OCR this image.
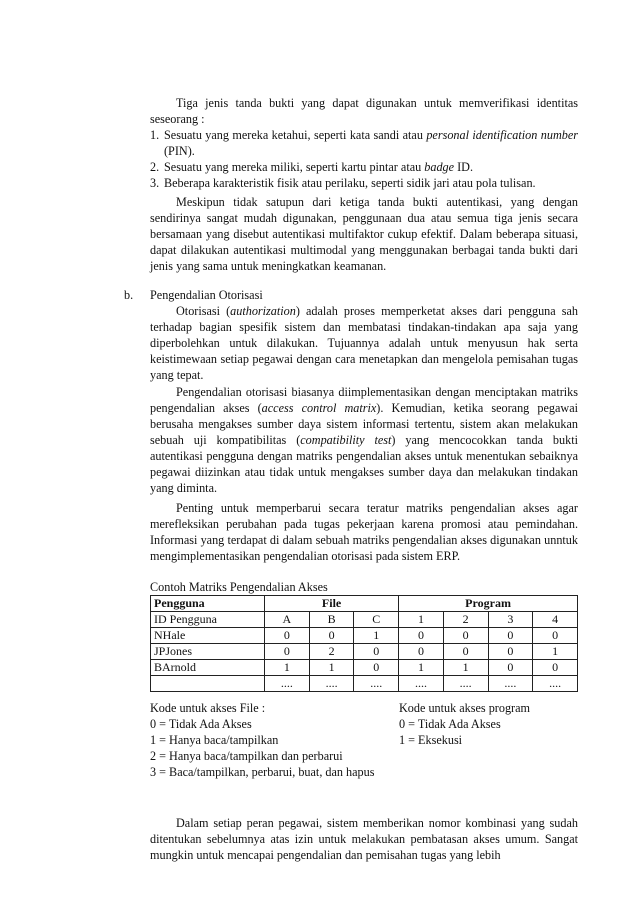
Tiga jenis tanda bukti yang dapat digunakan untuk memverifikasi identitas seseorang :

1. Sesuatu yang mereka ketahui, seperti kata sandi atau personal identification number (PIN).
2. Sesuatu yang mereka miliki, seperti kartu pintar atau badge ID.
3. Beberapa karakteristik fisik atau perilaku, seperti sidik jari atau pola tulisan.

Meskipun tidak satupun dari ketiga tanda bukti autentikasi, yang dengan sendirinya sangat mudah digunakan, penggunaan dua atau semua tiga jenis secara bersamaan yang disebut autentikasi multifaktor cukup efektif. Dalam beberapa situasi, dapat dilakukan autentikasi multimodal yang menggunakan berbagai tanda bukti dari jenis yang sama untuk meningkatkan keamanan.

b. Pengendalian Otorisasi

Otorisasi (authorization) adalah proses memperketat akses dari pengguna sah terhadap bagian spesifik sistem dan membatasi tindakan-tindakan apa saja yang diperbolehkan untuk dilakukan. Tujuannya adalah untuk menyusun hak serta keistimewaan setiap pegawai dengan cara menetapkan dan mengelola pemisahan tugas yang tepat.

Pengendalian otorisasi biasanya diimplementasikan dengan menciptakan matriks pengendalian akses (access control matrix). Kemudian, ketika seorang pegawai berusaha mengakses sumber daya sistem informasi tertentu, sistem akan melakukan sebuah uji kompatibilitas (compatibility test) yang mencocokkan tanda bukti autentikasi pengguna dengan matriks pengendalian akses untuk menentukan sebaiknya pegawai diizinkan atau tidak untuk mengakses sumber daya dan melakukan tindakan yang diminta.

Penting untuk memperbarui secara teratur matriks pengendalian akses agar merefleksikan perubahan pada tugas pekerjaan karena promosi atau pemindahan. Informasi yang terdapat di dalam sebuah matriks pengendalian akses digunakan unntuk mengimplementasikan pengendalian otorisasi pada sistem ERP.

Contoh Matriks Pengendalian Akses
Pengguna	File			Program			
ID Pengguna	A	B	C	1	2	3	4
NHale	0	0	1	0	0	0	0
JPJones	0	2	0	0	0	0	1
BArnold	1	1	0	1	1	0	0
	....	....	....	....	....	....	....
Kode untuk akses File :
0 = Tidak Ada Akses
1 = Hanya baca/tampilkan
2 = Hanya baca/tampilkan dan perbarui
3 = Baca/tampilkan, perbarui, buat, dan hapus
Kode untuk akses program
0 = Tidak Ada Akses
1 = Eksekusi

Dalam setiap peran pegawai, sistem memberikan nomor kombinasi yang sudah ditentukan sebelumnya atas izin untuk melakukan pembatasan akses umum. Sangat mungkin untuk mencapai pengendalian dan pemisahan tugas yang lebih
